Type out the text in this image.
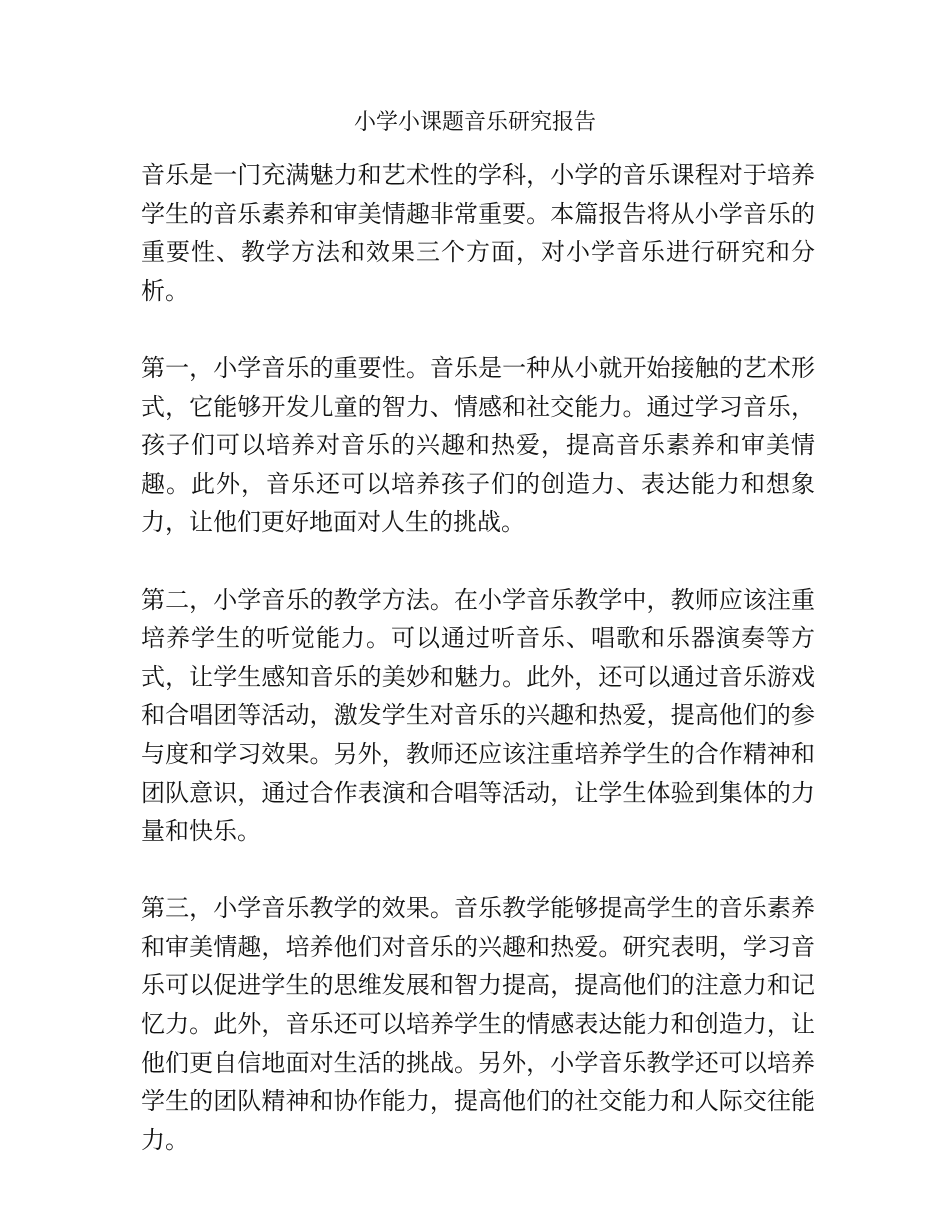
小学小课题音乐研究报告

音乐是一门充满魅力和艺术性的学科，小学的音乐课程对于培养学生的音乐素养和审美情趣非常重要。本篇报告将从小学音乐的重要性、教学方法和效果三个方面，对小学音乐进行研究和分析。

第一，小学音乐的重要性。音乐是一种从小就开始接触的艺术形式，它能够开发儿童的智力、情感和社交能力。通过学习音乐，孩子们可以培养对音乐的兴趣和热爱，提高音乐素养和审美情趣。此外，音乐还可以培养孩子们的创造力、表达能力和想象力，让他们更好地面对人生的挑战。

第二，小学音乐的教学方法。在小学音乐教学中，教师应该注重培养学生的听觉能力。可以通过听音乐、唱歌和乐器演奏等方式，让学生感知音乐的美妙和魅力。此外，还可以通过音乐游戏和合唱团等活动，激发学生对音乐的兴趣和热爱，提高他们的参与度和学习效果。另外，教师还应该注重培养学生的合作精神和团队意识，通过合作表演和合唱等活动，让学生体验到集体的力量和快乐。

第三，小学音乐教学的效果。音乐教学能够提高学生的音乐素养和审美情趣，培养他们对音乐的兴趣和热爱。研究表明，学习音乐可以促进学生的思维发展和智力提高，提高他们的注意力和记忆力。此外，音乐还可以培养学生的情感表达能力和创造力，让他们更自信地面对生活的挑战。另外，小学音乐教学还可以培养学生的团队精神和协作能力，提高他们的社交能力和人际交往能力。
